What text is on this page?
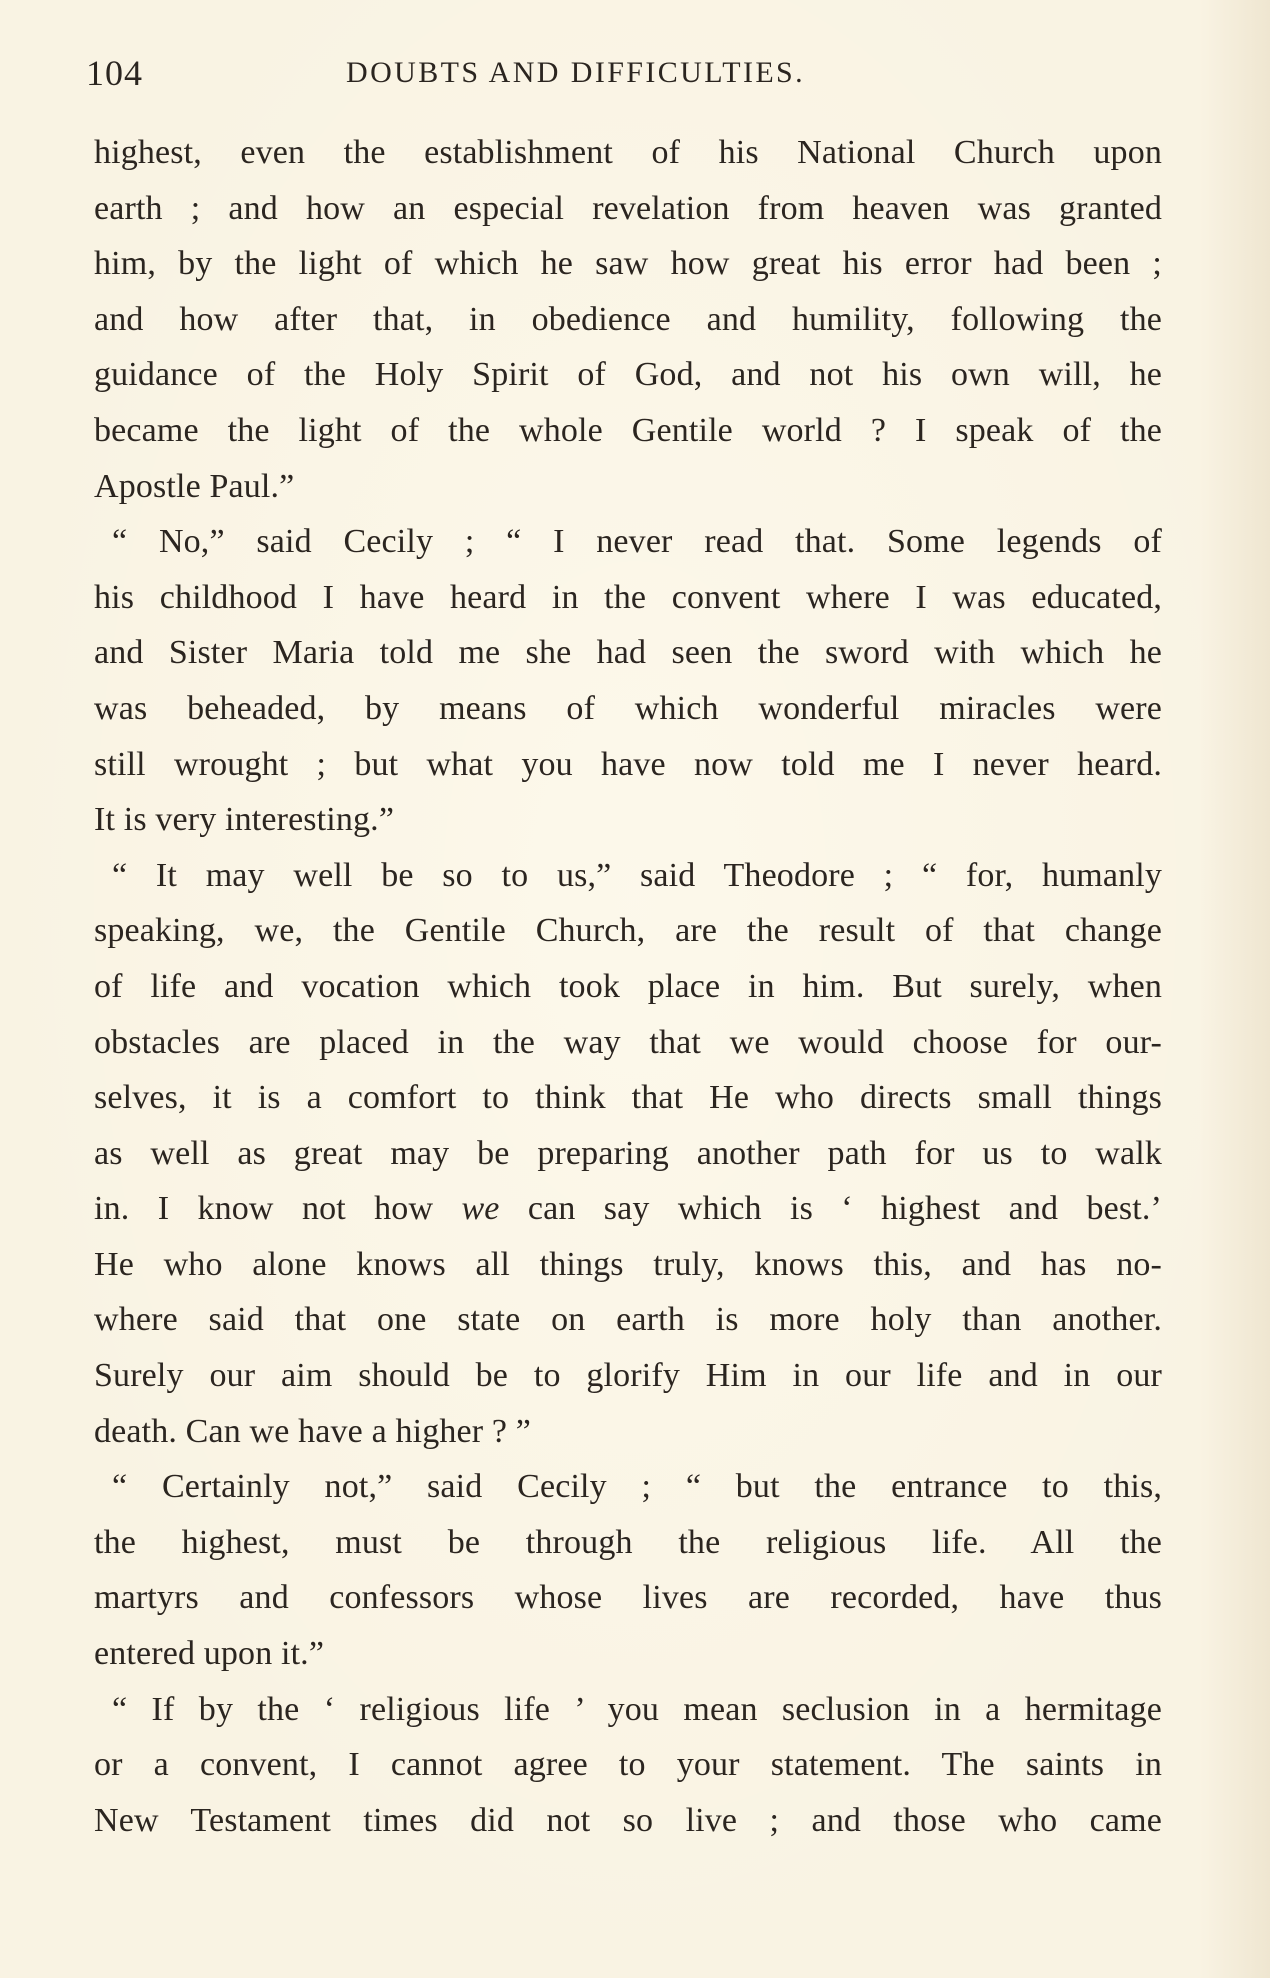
104	DOUBTS AND DIFFICULTIES.
highest, even the establishment of his National Church upon
earth ; and how an especial revelation from heaven was granted
him, by the light of which he saw how great his error had been ;
and how after that, in obedience and humility, following the
guidance of the Holy Spirit of God, and not his own will, he
became the light of the whole Gentile world ? I speak of the
Apostle Paul.”
“ No,” said Cecily ; “ I never read that. Some legends of
his childhood I have heard in the convent where I was educated,
and Sister Maria told me she had seen the sword with which he
was beheaded, by means of which wonderful miracles were
still wrought ; but what you have now told me I never heard.
It is very interesting.”
“ It may well be so to us,” said Theodore ; “ for, humanly
speaking, we, the Gentile Church, are the result of that change
of life and vocation which took place in him. But surely, when
obstacles are placed in the way that we would choose for our-
selves, it is a comfort to think that He who directs small things
as well as great may be preparing another path for us to walk
in. I know not how we can say which is ‘ highest and best.’
He who alone knows all things truly, knows this, and has no-
where said that one state on earth is more holy than another.
Surely our aim should be to glorify Him in our life and in our
death. Can we have a higher ? ”
“ Certainly not,” said Cecily ; “ but the entrance to this,
the highest, must be through the religious life. All the
martyrs and confessors whose lives are recorded, have thus
entered upon it.”
“ If by the ‘ religious life ’ you mean seclusion in a hermitage
or a convent, I cannot agree to your statement. The saints in
New Testament times did not so live ; and those who came
